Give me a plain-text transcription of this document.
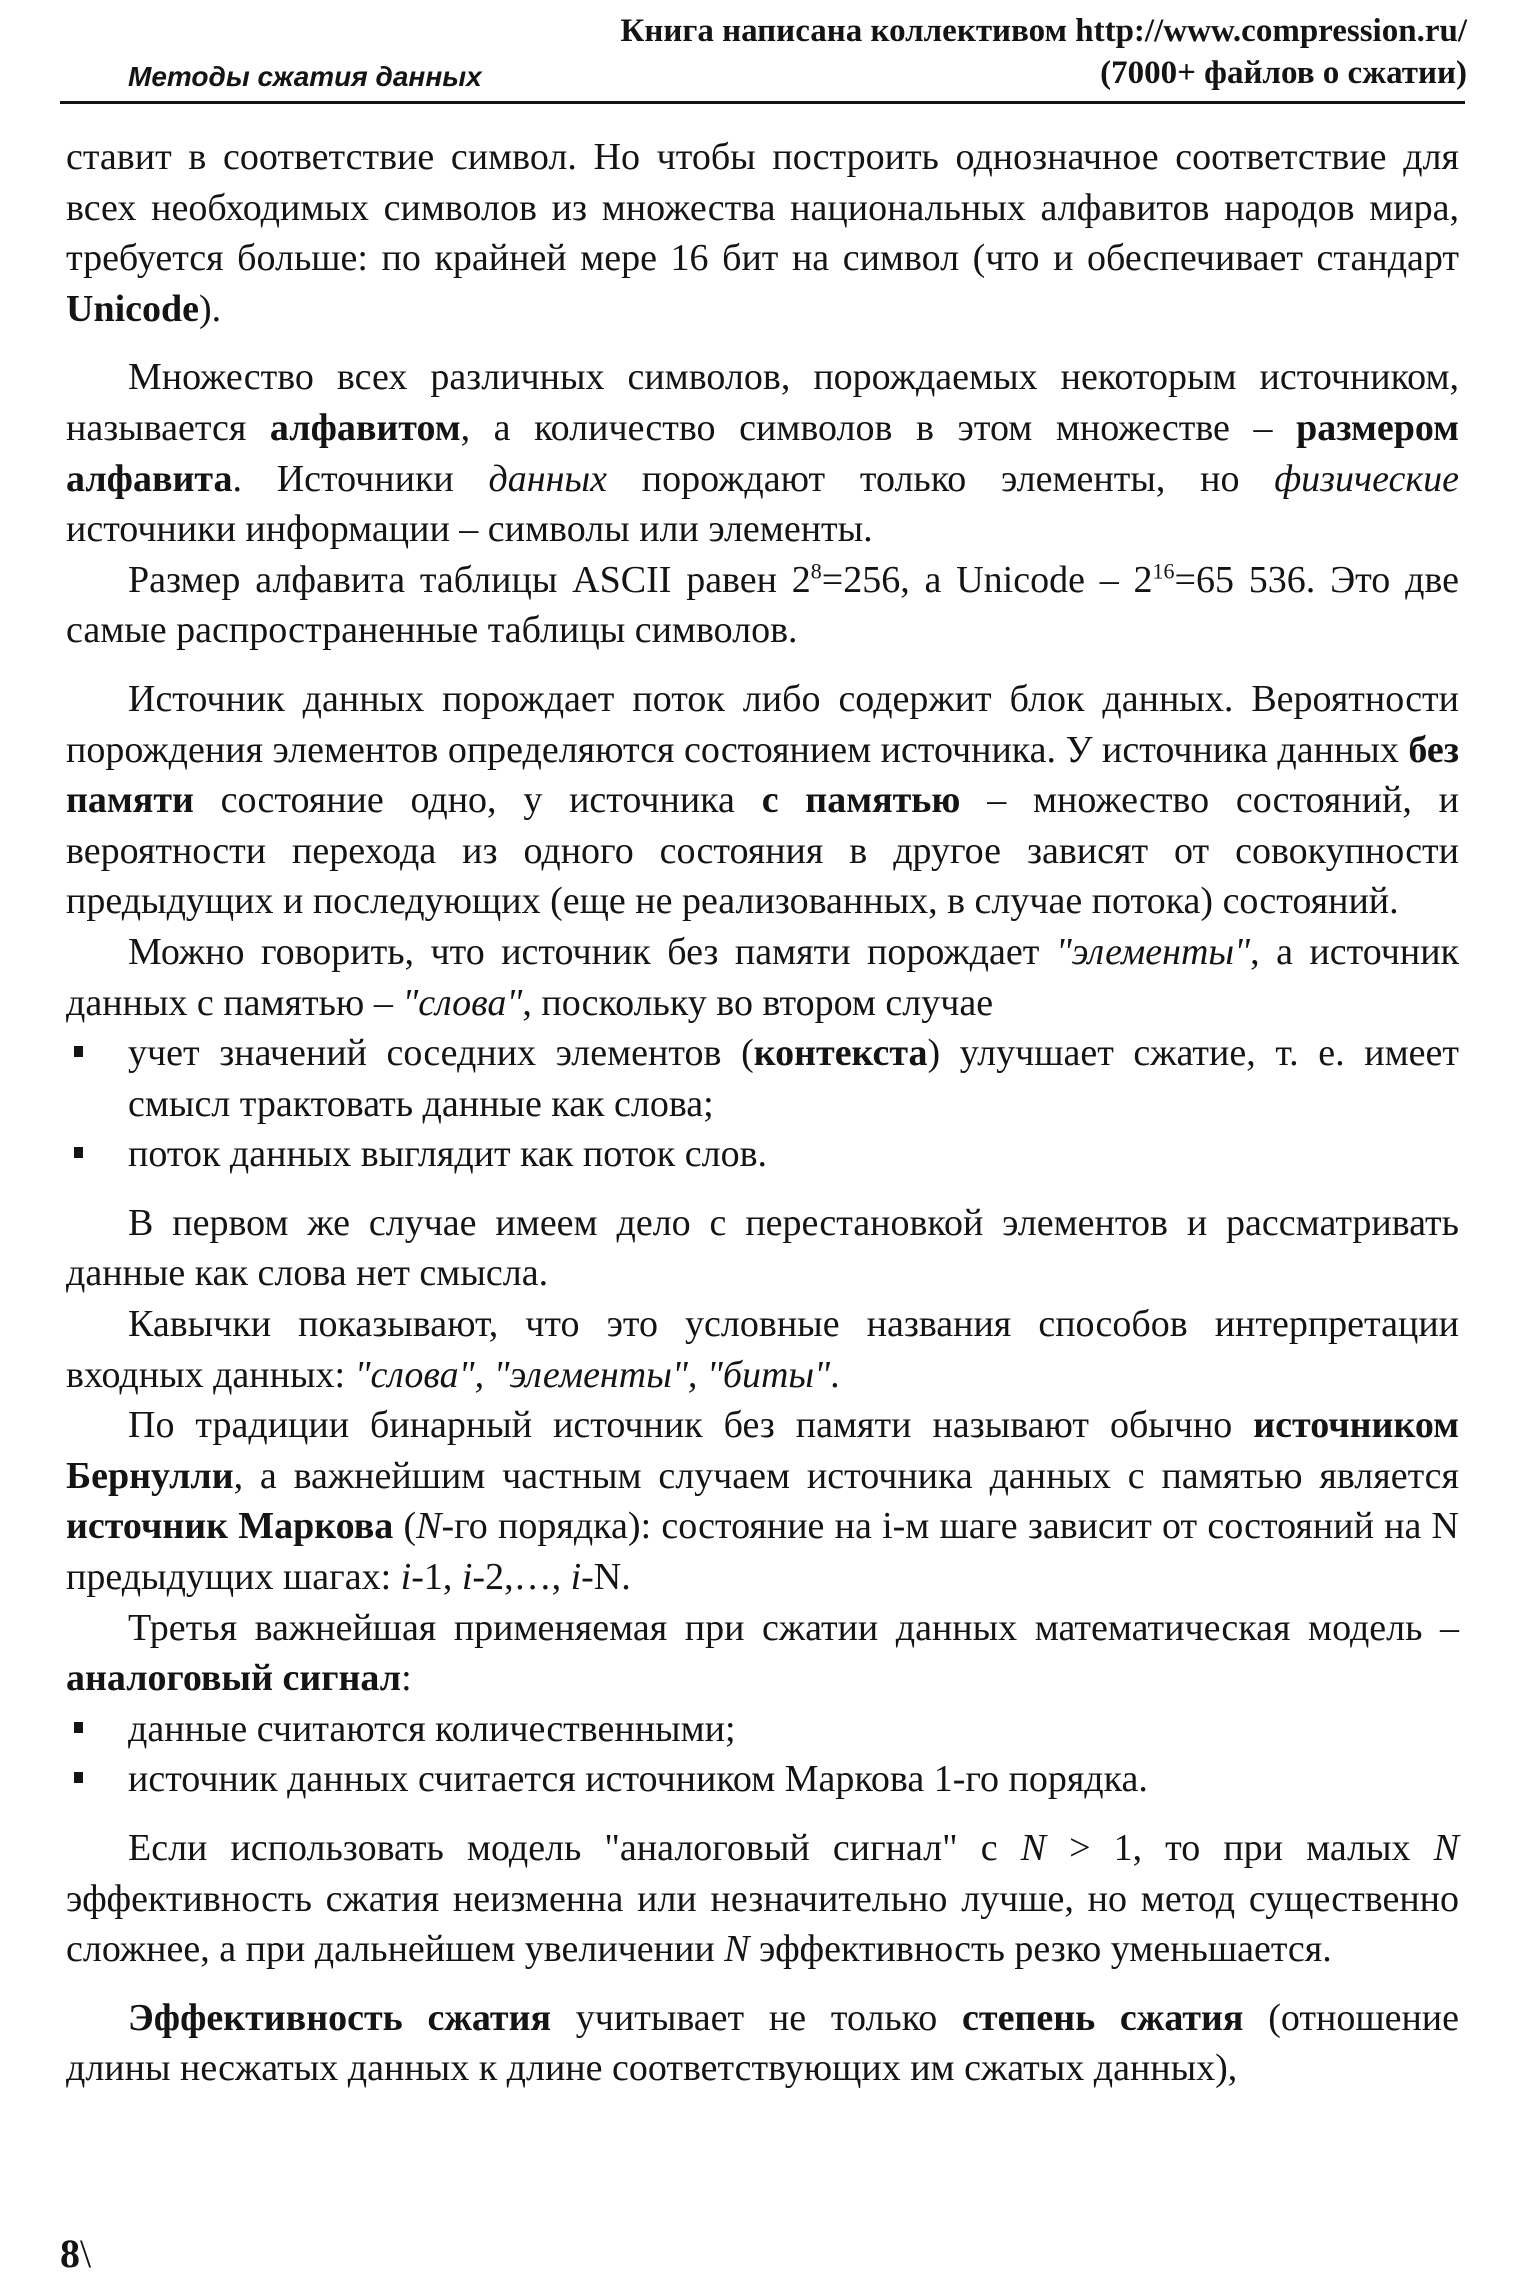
Книга написана коллективом http://www.compression.ru/
(7000+ файлов о сжатии)
Методы сжатия данных

ставит в соответствие символ. Но чтобы построить однозначное соответствие для всех необходимых символов из множества национальных алфавитов народов мира, требуется больше: по крайней мере 16 бит на символ (что и обеспечивает стандарт Unicode).

Множество всех различных символов, порождаемых некоторым источником, называется алфавитом, а количество символов в этом множестве – размером алфавита. Источники данных порождают только элементы, но физические источники информации – символы или элементы.

Размер алфавита таблицы ASCII равен $2^8=256$, а Unicode – $2^{16}=65$ 536. Это две самые распространенные таблицы символов.

Источник данных порождает поток либо содержит блок данных. Вероятности порождения элементов определяются состоянием источника. У источника данных без памяти состояние одно, у источника с памятью – множество состояний, и вероятности перехода из одного состояния в другое зависят от совокупности предыдущих и последующих (еще не реализованных, в случае потока) состояний.

Можно говорить, что источник без памяти порождает "элементы", а источник данных с памятью – "слова", поскольку во втором случае

учет значений соседних элементов (контекста) улучшает сжатие, т. е. имеет смысл трактовать данные как слова;
поток данных выглядит как поток слов.

В первом же случае имеем дело с перестановкой элементов и рассматривать данные как слова нет смысла.

Кавычки показывают, что это условные названия способов интерпретации входных данных: "слова", "элементы", "биты".

По традиции бинарный источник без памяти называют обычно источником Бернулли, а важнейшим частным случаем источника данных с памятью является источник Маркова (N-го порядка): состояние на i-м шаге зависит от состояний на N предыдущих шагах: i-1, i-2,…, i-N.

Третья важнейшая применяемая при сжатии данных математическая модель – аналоговый сигнал:

данные считаются количественными;
источник данных считается источником Маркова 1-го порядка.

Если использовать модель "аналоговый сигнал" с N > 1, то при малых N эффективность сжатия неизменна или незначительно лучше, но метод существенно сложнее, а при дальнейшем увеличении N эффективность резко уменьшается.

Эффективность сжатия учитывает не только степень сжатия (отношение длины несжатых данных к длине соответствующих им сжатых данных),

8\
